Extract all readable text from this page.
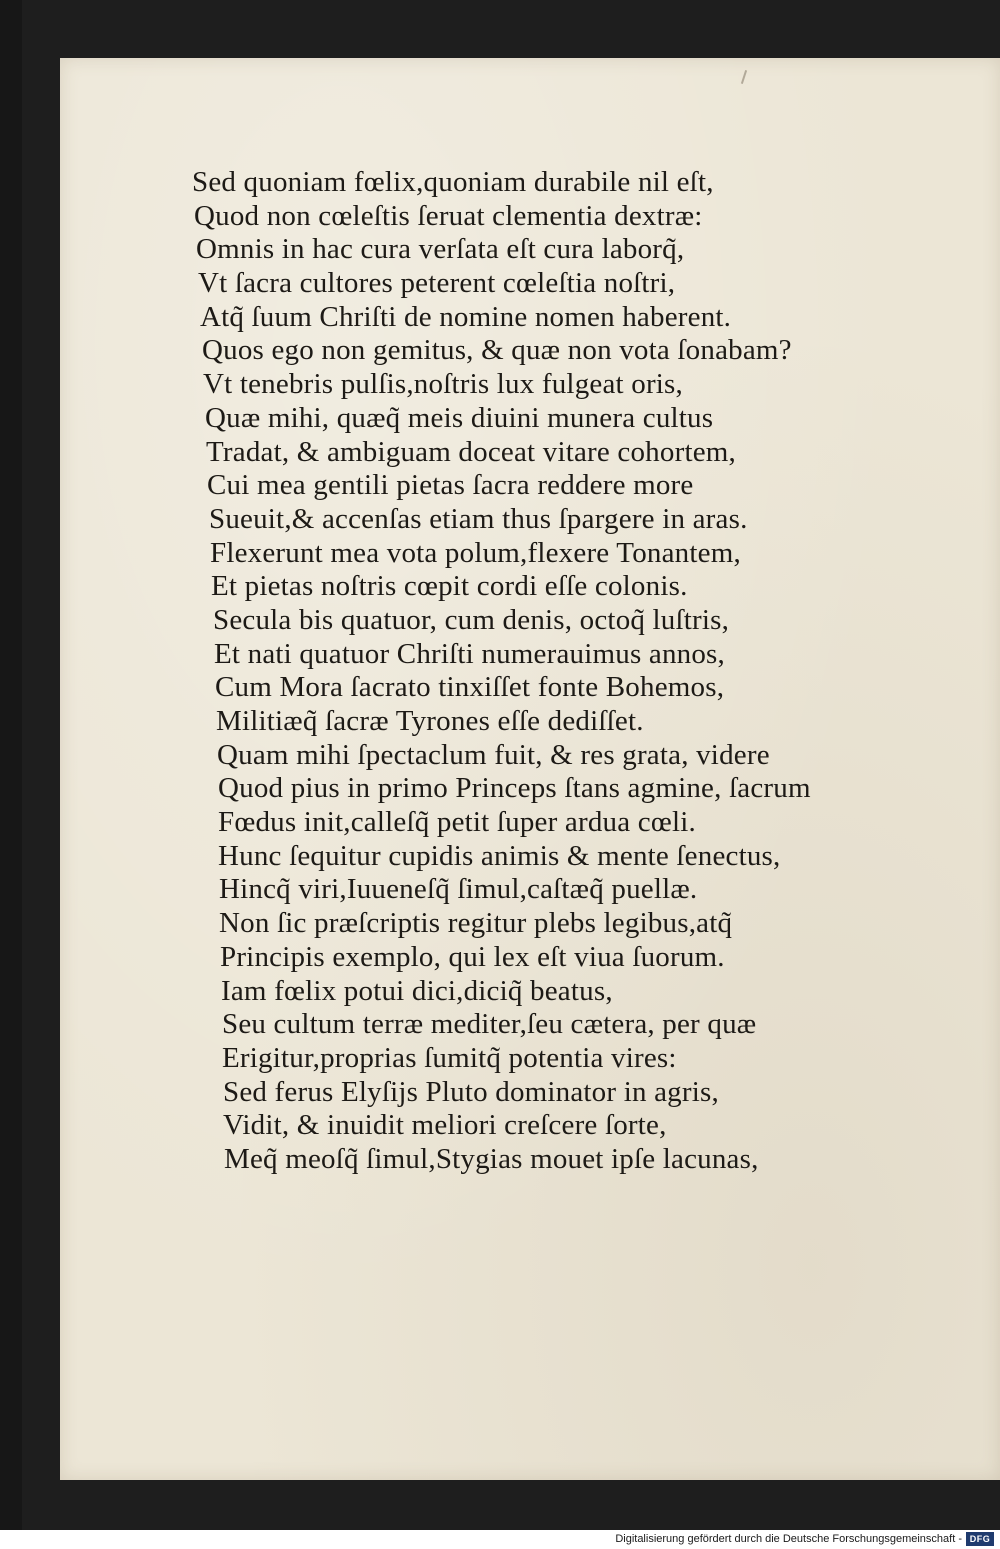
Sed quoniam fœlix,quoniam durabile nil eſt,
Quod non cœleſtis ſeruat clementia dextræ:
Omnis in hac cura verſata eſt cura laborq̃,
Vt ſacra cultores peterent cœleſtia noſtri,
Atq̃ ſuum Chriſti de nomine nomen haberent.
Quos ego non gemitus, & quæ non vota ſonabam?
Vt tenebris pulſis,noſtris lux fulgeat oris,
Quæ mihi, quæq̃ meis diuini munera cultus
Tradat, & ambiguam doceat vitare cohortem,
Cui mea gentili pietas ſacra reddere more
Sueuit,& accenſas etiam thus ſpargere in aras.
Flexerunt mea vota polum,flexere Tonantem,
Et pietas noſtris cœpit cordi eſſe colonis.
Secula bis quatuor, cum denis, octoq̃ luſtris,
Et nati quatuor Chriſti numerauimus annos,
Cum Mora ſacrato tinxiſſet fonte Bohemos,
Militiæq̃ ſacræ Tyrones eſſe dediſſet.
Quam mihi ſpectaclum fuit, & res grata, videre
Quod pius in primo Princeps ſtans agmine, ſacrum
Fœdus init,calleſq̃ petit ſuper ardua cœli.
Hunc ſequitur cupidis animis & mente ſenectus,
Hincq̃ viri,Iuueneſq̃ ſimul,caſtæq̃ puellæ.
Non ſic præſcriptis regitur plebs legibus,atq̃
Principis exemplo, qui lex eſt viua ſuorum.
Iam fœlix potui dici,diciq̃ beatus,
Seu cultum terræ mediter,ſeu cætera, per quæ
Erigitur,proprias ſumitq̃ potentia vires:
Sed ferus Elyſijs Pluto dominator in agris,
Vidit, & inuidit meliori creſcere ſorte,
Meq̃ meoſq̃ ſimul,Stygias mouet ipſe lacunas,
Digitalisierung gefördert durch die Deutsche Forschungsgemeinschaft - DFG
